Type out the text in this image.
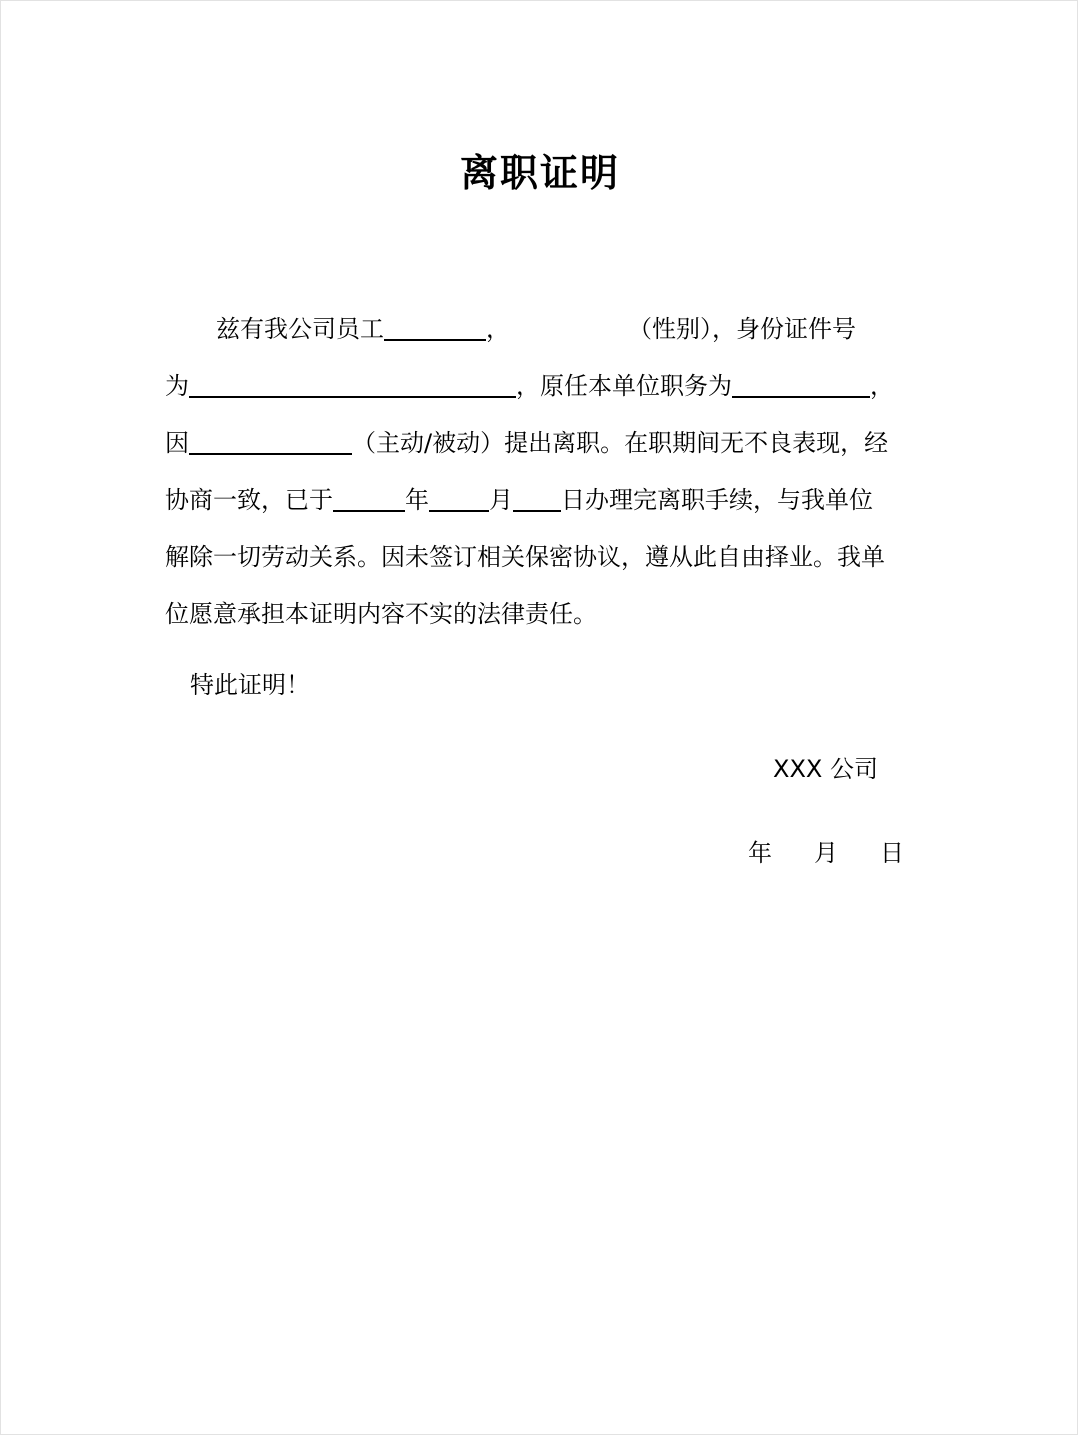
离职证明
兹有我公司员工	，	（性别），身份证件号
为	，原任本单位职务为	，
因	（主动/被动）提出离职。在职期间无不良表现，经
协商一致，已于	年	月 日办理完离职手续，与我单位
解除一切劳动关系。因未签订相关保密协议，遵从此自由择业。我单
位愿意承担本证明内容不实的法律责任。
特此证明！
XXX 公司
年 月 日
